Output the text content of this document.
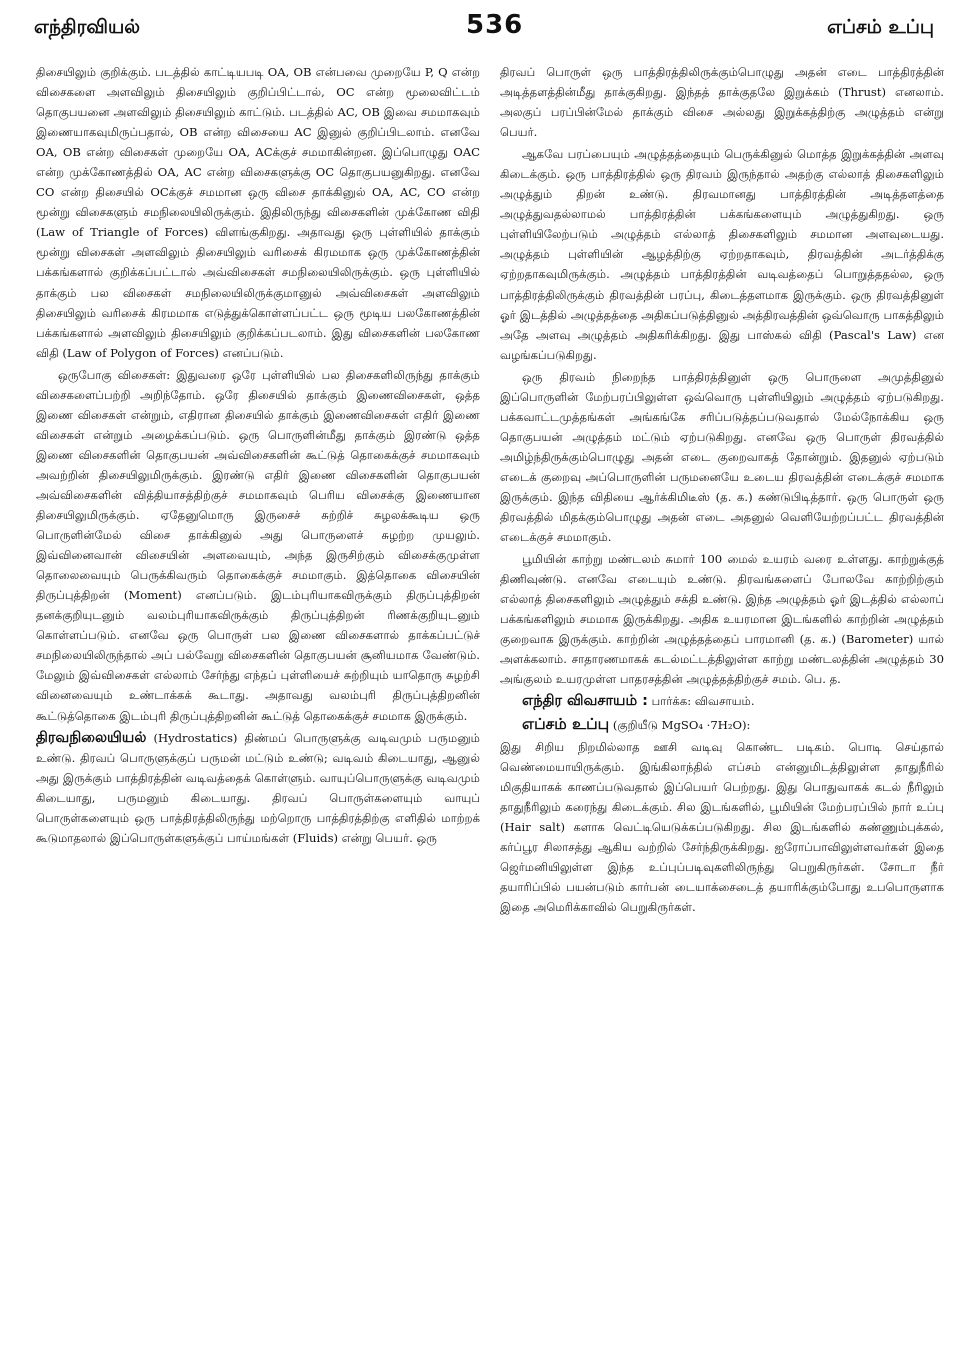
எந்திரவியல்	536	எப்சம் உப்பு

திசையிலும் குறிக்கும். படத்தில் காட்டியபடி OA, OB என்பவை முறையே P, Q என்ற விசைகளை அளவிலும் திசையிலும் குறிப்பிட்டால், OC என்ற மூலைவிட்டம் தொகுபயனை அளவிலும் திசையிலும் காட்டும். படத்தில் AC, OB இவை சமமாகவும் இணையாகவுமிருப்பதால், OB என்ற விசையை AC இனுல் குறிப்பிடலாம். எனவே OA, OB என்ற விசைகள் முறையே OA, ACக்குச் சமமாகின்றன. இப்பொழுது OAC என்ற முக்கோணத்தில் OA, AC என்ற விசைகளுக்கு OC தொகுபயனுகிறது. எனவே CO என்ற திசையில் OCக்குச் சமமான ஒரு விசை தாக்கினுல் OA, AC, CO என்ற மூன்று விசைகளும் சமநிலையிலிருக்கும். இதிலிருந்து விசைகளின் முக்கோண விதி (Law of Triangle of Forces) விளங்குகிறது. அதாவது ஒரு புள்ளியில் தாக்கும் மூன்று விசைகள் அளவிலும் திசையிலும் வரிசைக் கிரமமாக ஒரு முக்கோணத்தின் பக்கங்களால் குறிக்கப்பட்டால் அவ்விசைகள் சமநிலையிலிருக்கும். ஒரு புள்ளியில் தாக்கும் பல விசைகள் சமநிலையிலிருக்குமானுல் அவ்விசைகள் அளவிலும் திசையிலும் வரிசைக் கிரமமாக எடுத்துக்கொள்ளப்பட்ட ஒரு மூடிய பலகோணத்தின் பக்கங்களால் அளவிலும் திசையிலும் குறிக்கப்படலாம். இது விசைகளின் பலகோண விதி (Law of Polygon of Forces) எனப்படும்.

ஒருபோகு விசைகள்: இதுவரை ஒரே புள்ளியில் பல திசைகளிலிருந்து தாக்கும் விசைகளைப்பற்றி அறிந்தோம். ஒரே திசையில் தாக்கும் இணைவிசைகள், ஒத்த இணை விசைகள் என்றும், எதிரான திசையில் தாக்கும் இணைவிசைகள் எதிர் இணை விசைகள் என்றும் அழைக்கப்படும். ஒரு பொருளின்மீது தாக்கும் இரண்டு ஒத்த இணை விசைகளின் தொகுபயன் அவ்விசைகளின் கூட்டுத் தொகைக்குச் சமமாகவும் அவற்றின் திசையிலுமிருக்கும். இரண்டு எதிர் இணை விசைகளின் தொகுபயன் அவ்விசைகளின் வித்தியாசத்திற்குச் சமமாகவும் பெரிய விசைக்கு இணையான திசையிலுமிருக்கும். ஏதேனுமொரு இருசைச் சுற்றிச் சுழலக்கூடிய ஒரு பொருளின்மேல் விசை தாக்கினுல் அது பொருளைச் சுழற்ற முயலும். இவ்வினைவான் விசையின் அளவையும், அந்த இருசிற்கும் விசைக்குமுள்ள தொலைவையும் பெருக்கிவரும் தொகைக்குச் சமமாகும். இத்தொகை விசையின் திருப்புத்திறன் (Moment) எனப்படும். இடம்புரியாகவிருக்கும் திருப்புத்திறன் தனக்குறியுடனும் வலம்புரியாகவிருக்கும் திருப்புத்திறன் ரிணக்குறியுடனும் கொள்ளப்படும். எனவே ஒரு பொருள் பல இணை விசைகளால் தாக்கப்பட்டுச் சமநிலையிலிருந்தால் அப் பல்வேறு விசைகளின் தொகுபயன் சூனியமாக வேண்டும். மேலும் இவ்விசைகள் எல்லாம் சேர்ந்து எந்தப் புள்ளியைச் சுற்றியும் யாதொரு சுழற்சி வினைவையும் உண்டாக்கக் கூடாது. அதாவது வலம்புரி திருப்புத்திறனின் கூட்டுத்தொகை இடம்புரி திருப்புத்திறனின் கூட்டுத் தொகைக்குச் சமமாக இருக்கும்.

திரவநிலையியல் (Hydrostatics) திண்மப் பொருளுக்கு வடிவமும் பருமனும் உண்டு. திரவப் பொருளுக்குப் பருமன் மட்டும் உண்டு; வடிவம் கிடையாது, ஆனுல் அது இருக்கும் பாத்திரத்தின் வடிவத்தைக் கொள்ளும். வாயுப்பொருளுக்கு வடிவமும் கிடையாது, பருமனும் கிடையாது. திரவப் பொருள்களையும் வாயுப் பொருள்களையும் ஒரு பாத்திரத்திலிருந்து மற்றொரு பாத்திரத்திற்கு எளிதில் மாற்றக் கூடுமாதலால் இப்பொருள்களுக்குப் பாய்மங்கள் (Fluids) என்று பெயர். ஒரு

திரவப் பொருள் ஒரு பாத்திரத்திலிருக்கும்பொழுது அதன் எடை பாத்திரத்தின் அடித்தளத்தின்மீது தாக்குகிறது. இந்தத் தாக்குதலே இறுக்கம் (Thrust) எனலாம். அலகுப் பரப்பின்மேல் தாக்கும் விசை அல்லது இறுக்கத்திற்கு அழுத்தம் என்று பெயர்.

ஆகவே பரப்பையும் அழுத்தத்தையும் பெருக்கினுல் மொத்த இறுக்கத்தின் அளவு கிடைக்கும். ஒரு பாத்திரத்தில் ஒரு திரவம் இருந்தால் அதற்கு எல்லாத் திசைகளிலும் அழுத்தும் திறன் உண்டு. திரவமானது பாத்திரத்தின் அடித்தளத்தை அழுத்துவதல்லாமல் பாத்திரத்தின் பக்கங்களையும் அழுத்துகிறது. ஒரு புள்ளியிலேற்படும் அழுத்தம் எல்லாத் திசைகளிலும் சமமான அளவுடையது. அழுத்தம் புள்ளியின் ஆழத்திற்கு ஏற்றதாகவும், திரவத்தின் அடர்த்திக்கு ஏற்றதாகவுமிருக்கும். அழுத்தம் பாத்திரத்தின் வடிவத்தைப் பொறுத்ததல்ல, ஒரு பாத்திரத்திலிருக்கும் திரவத்தின் பரப்பு, கிடைத்தளமாக இருக்கும். ஒரு திரவத்தினுள் ஓர் இடத்தில் அழுத்தத்தை அதிகப்படுத்தினுல் அத்திரவத்தின் ஒவ்வொரு பாகத்திலும் அதே அளவு அழுத்தம் அதிகரிக்கிறது. இது பாஸ்கல் விதி (Pascal's Law) என வழங்கப்படுகிறது.

ஒரு திரவம் நிறைந்த பாத்திரத்தினுள் ஒரு பொருளை அமுத்தினுல் இப்பொருளின் மேற்பரப்பிலுள்ள ஒவ்வொரு புள்ளியிலும் அழுத்தம் ஏற்படுகிறது. பக்கவாட்டமுத்தங்கள் அங்கங்கே சரிப்படுத்தப்படுவதால் மேல்நோக்கிய ஒரு தொகுபயன் அழுத்தம் மட்டும் ஏற்படுகிறது. எனவே ஒரு பொருள் திரவத்தில் அமிழ்ந்திருக்கும்பொழுது அதன் எடை குறைவாகத் தோன்றும். இதனுல் ஏற்படும் எடைக் குறைவு அப்பொருளின் பருமனையே உடைய திரவத்தின் எடைக்குச் சமமாக இருக்கும். இந்த விதியை ஆர்க்கிமிடீஸ் (த. க.) கண்டுபிடித்தார். ஒரு பொருள் ஒரு திரவத்தில் மிதக்கும்பொழுது அதன் எடை அதனுல் வெளியேற்றப்பட்ட திரவத்தின் எடைக்குச் சமமாகும்.

பூமியின் காற்று மண்டலம் சுமார் 100 மைல் உயரம் வரை உள்ளது. காற்றுக்குத் திணிவுண்டு. எனவே எடையும் உண்டு. திரவங்களைப் போலவே காற்றிற்கும் எல்லாத் திசைகளிலும் அழுத்தும் சக்தி உண்டு. இந்த அழுத்தம் ஓர் இடத்தில் எல்லாப் பக்கங்களிலும் சமமாக இருக்கிறது. அதிக உயரமான இடங்களில் காற்றின் அழுத்தம் குறைவாக இருக்கும். காற்றின் அழுத்தத்தைப் பாரமானி (த. க.) (Barometer) யால் அளக்கலாம். சாதாரணமாகக் கடல்மட்டத்திலுள்ள காற்று மண்டலத்தின் அழுத்தம் 30 அங்குலம் உயரமுள்ள பாதரசத்தின் அழுத்தத்திற்குச் சமம். பெ. த.

எந்திர விவசாயம் : பார்க்க: விவசாயம்.

எப்சம் உப்பு (குறியீடு MgSO₄ ·7H₂O):

இது சிறிய நிறமில்லாத ஊசி வடிவு கொண்ட படிகம். பொடி செய்தால் வெண்மையாயிருக்கும். இங்கிலாந்தில் எப்சம் என்னுமிடத்திலுள்ள தாதுநீரில் மிகுதியாகக் காணப்படுவதால் இப்பெயர் பெற்றது. இது பொதுவாகக் கடல் நீரிலும் தாதுநீரிலும் கரைந்து கிடைக்கும். சில இடங்களில், பூமியின் மேற்பரப்பில் நார் உப்பு (Hair salt) களாக வெட்டியெடுக்கப்படுகிறது. சில இடங்களில் சுண்ணும்புக்கல், கர்ப்பூர சிலாசத்து ஆகிய வற்றில் சேர்ந்திருக்கிறது. ஐரோப்பாவிலுள்ளவர்கள் இதை ஜெர்மனியிலுள்ள இந்த உப்புப்படிவுகளிலிருந்து பெறுகிருர்கள். சோடா நீர் தயாரிப்பில் பயன்படும் கார்பன் டையாக்சைடைத் தயாரிக்கும்போது உபபொருளாக இதை அமெரிக்காவில் பெறுகிருர்கள்.
